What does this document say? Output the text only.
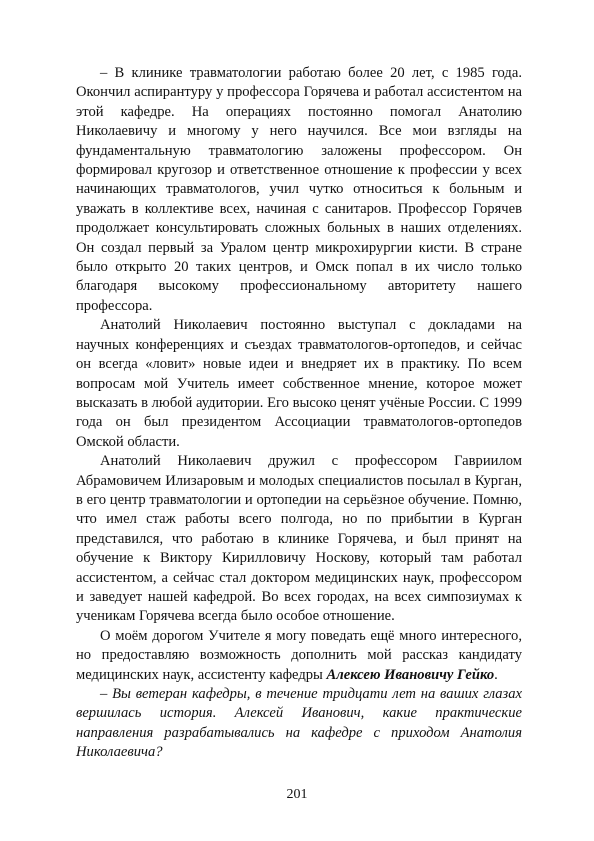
– В клинике травматологии работаю более 20 лет, с 1985 года. Окончил аспирантуру у профессора Горячева и работал ассистентом на этой кафедре. На операциях постоянно помогал Анатолию Николаевичу и многому у него научился. Все мои взгляды на фундаментальную травматологию заложены профессором. Он формировал кругозор и ответственное отношение к профессии у всех начинающих травматологов, учил чутко относиться к больным и уважать в коллективе всех, начиная с санитаров. Профессор Горячев продолжает консультировать сложных больных в наших отделениях. Он создал первый за Уралом центр микрохирургии кисти. В стране было открыто 20 таких центров, и Омск попал в их число только благодаря высокому профессиональному авторитету нашего профессора.

Анатолий Николаевич постоянно выступал с докладами на научных конференциях и съездах травматологов-ортопедов, и сейчас он всегда «ловит» новые идеи и внедряет их в практику. По всем вопросам мой Учитель имеет собственное мнение, которое может высказать в любой аудитории. Его высоко ценят учёные России. С 1999 года он был президентом Ассоциации травматологов-ортопедов Омской области.

Анатолий Николаевич дружил с профессором Гавриилом Абрамовичем Илизаровым и молодых специалистов посылал в Курган, в его центр травматологии и ортопедии на серьёзное обучение. Помню, что имел стаж работы всего полгода, но по прибытии в Курган представился, что работаю в клинике Горячева, и был принят на обучение к Виктору Кирилловичу Носкову, который там работал ассистентом, а сейчас стал доктором медицинских наук, профессором и заведует нашей кафедрой. Во всех городах, на всех симпозиумах к ученикам Горячева всегда было особое отношение.

О моём дорогом Учителе я могу поведать ещё много интересного, но предоставляю возможность дополнить мой рассказ кандидату медицинских наук, ассистенту кафедры Алексею Ивановичу Гейко.

– Вы ветеран кафедры, в течение тридцати лет на ваших глазах вершилась история. Алексей Иванович, какие практические направления разрабатывались на кафедре с приходом Анатолия Николаевича?

201
